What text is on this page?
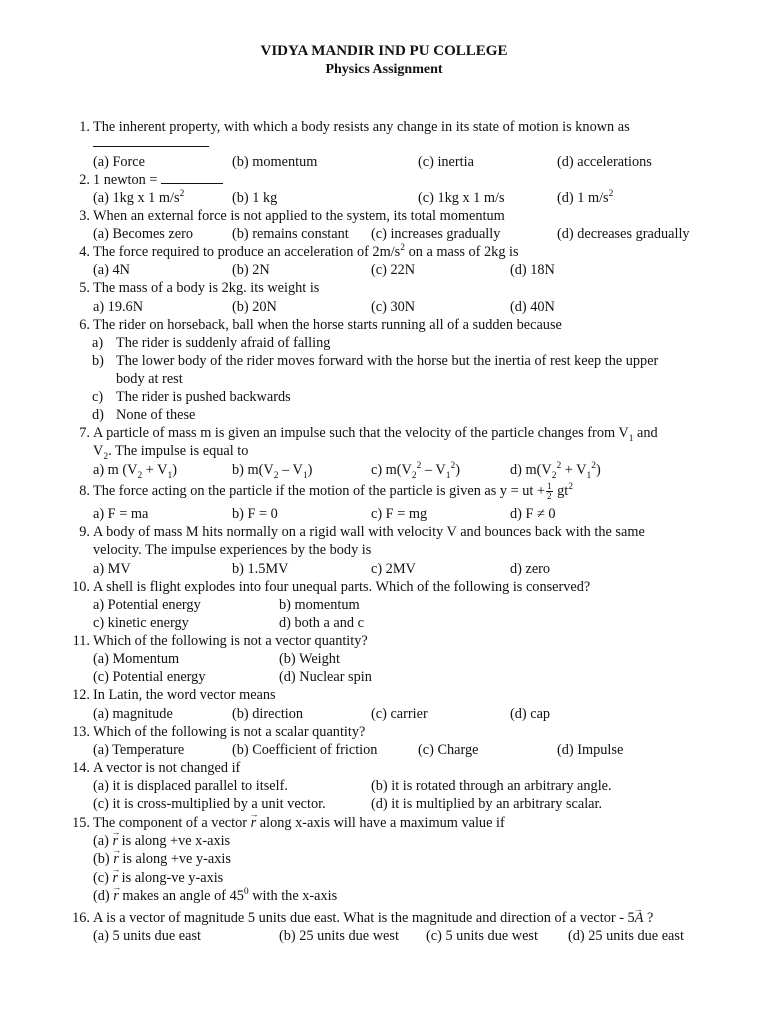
VIDYA MANDIR IND PU COLLEGE
Physics Assignment
1. The inherent property, with which a body resists any change in its state of motion is known as
(a) Force	(b) momentum	(c) inertia	(d) accelerations
2. 1 newton =
(a) 1kg x 1 $m/s^2$	(b) 1 kg	(c) 1kg x 1 m/s	(d) 1 $m/s^2$
3. When an external force is not applied to the system, its total momentum
(a) Becomes zero	(b) remains constant (c) increases gradually	(d) decreases gradually
4. The force required to produce an acceleration of $2m/s^2$ on a mass of 2kg is
(a) 4N	(b) 2N	(c) 22N	(d) 18N
5. The mass of a body is 2kg. its weight is
a) 19.6N	(b) 20N	(c) 30N	(d) 40N
6. The rider on horseback, ball when the horse starts running all of a sudden because
a) The rider is suddenly afraid of falling
b) The lower body of the rider moves forward with the horse but the inertia of rest keep the upper
body at rest
c) The rider is pushed backwards
d) None of these
7. A particle of mass m is given an impulse such that the velocity of the particle changes from $V_1$ and
$V_2$. The impulse is equal to
a) m $(V_2 + V_1)$	b) $m(V_2 - V_1)$	c) $m(V_2^2 - V_1^2)$	d) $m(V_2^2 + V_1^2)$
8. The force acting on the particle if the motion of the particle is given as y = ut + $\frac{1}{2} gt^2$
a) F = ma	b) F = 0	c) F = mg	d) F ≠ 0
9. A body of mass M hits normally on a rigid wall with velocity V and bounces back with the same
velocity. The impulse experiences by the body is
a) MV	b) 1.5MV	c) 2MV	d) zero
10. A shell is flight explodes into four unequal parts. Which of the following is conserved?
a) Potential energy	b) momentum
c) kinetic energy	d) both a and c
11. Which of the following is not a vector quantity?
(a) Momentum	(b) Weight
(c) Potential energy	(d) Nuclear spin
12. In Latin, the word vector means
(a) magnitude	(b) direction	(c) carrier	(d) cap
13. Which of the following is not a scalar quantity?
(a) Temperature	(b) Coefficient of friction	(c) Charge	(d) Impulse
14. A vector is not changed if
(a) it is displaced parallel to itself.	(b) it is rotated through an arbitrary angle.
(c) it is cross-multiplied by a unit vector.	(d) it is multiplied by an arbitrary scalar.
15. The component of a vector → r along x-axis will have a maximum value if
(a) → r is along +ve x-axis
(b) → r is along +ve y-axis
(c) → r is along-ve y-axis
(d) → r makes an angle of $45^0$ with the x-axis
16. A is a vector of magnitude 5 units due east. What is the magnitude and direction of a vector - 5→ A ?
(a) 5 units due east	(b) 25 units due west (c) 5 units due west (d) 25 units due east
